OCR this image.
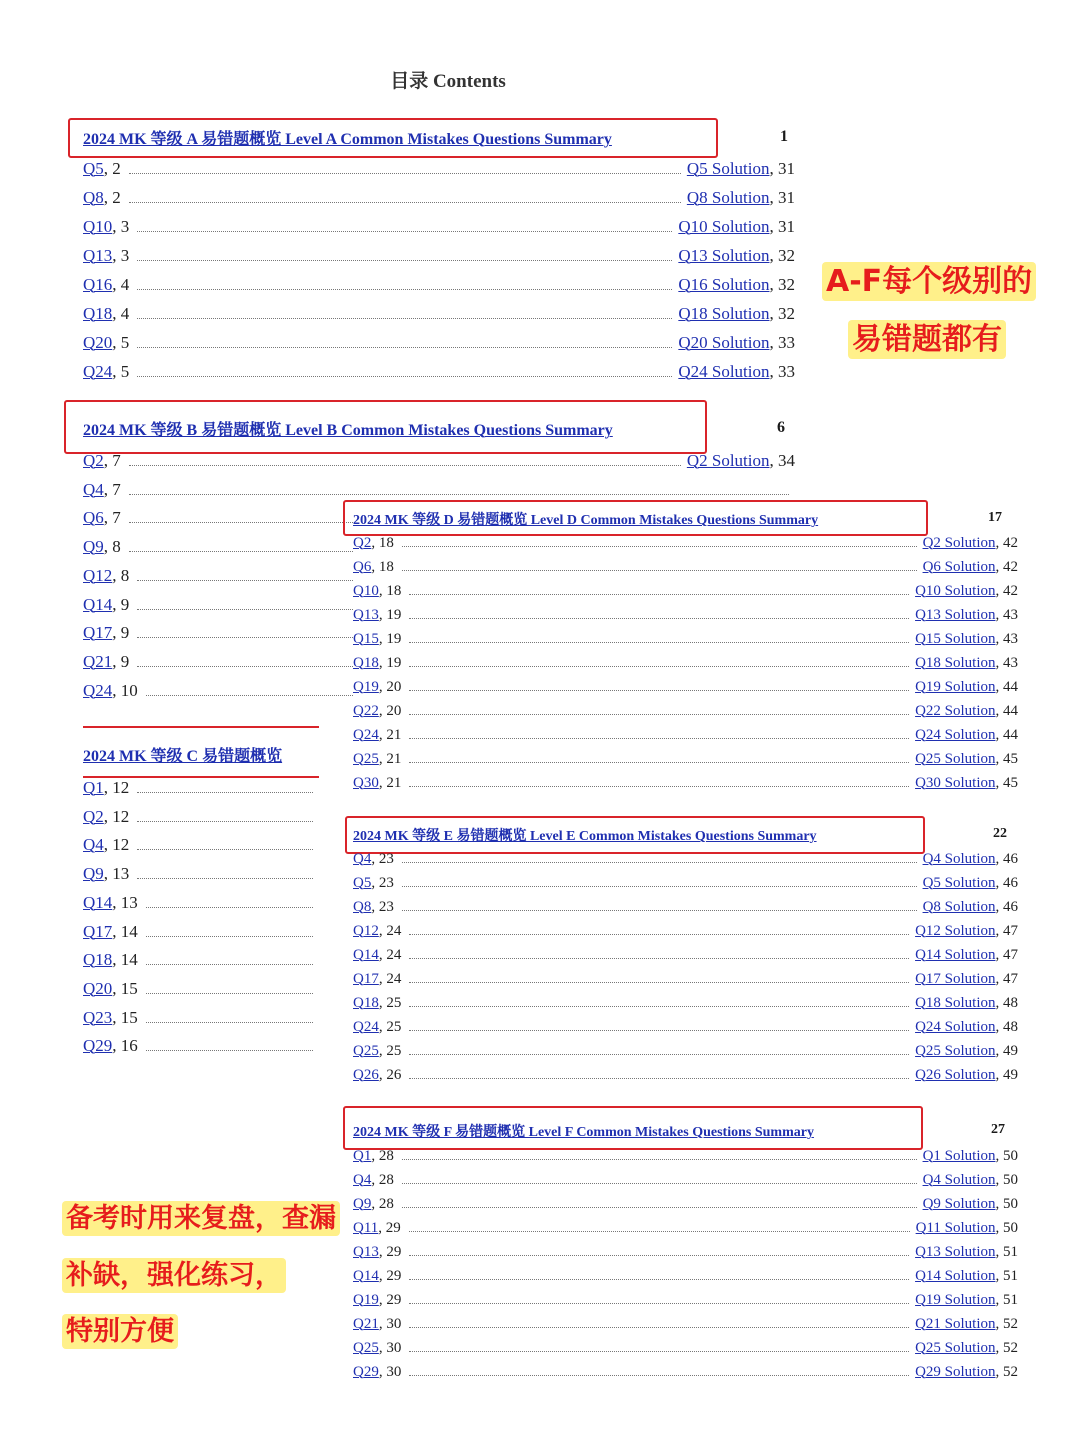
目录 Contents
2024 MK 等级 A 易错题概览 Level A Common Mistakes Questions Summary	1
Q5 , 2	Q5 Solution , 31
Q8 , 2	Q8 Solution , 31
Q10 , 3	Q10 Solution , 31
Q13 , 3	Q13 Solution , 32
Q16 , 4	Q16 Solution , 32
Q18 , 4	Q18 Solution , 32
Q20 , 5	Q20 Solution , 33
Q24 , 5	Q24 Solution , 33
2024 MK 等级 B 易错题概览 Level B Common Mistakes Questions Summary	6
Q2 , 7	Q2 Solution , 34
Q4 , 7
Q6 , 7
Q9 , 8
Q12 , 8
Q14 , 9
Q17 , 9
Q21 , 9
Q24 , 10
2024 MK 等级 C 易错题概览
Q1 , 12
Q2 , 12
Q4 , 12
Q9 , 13
Q14 , 13
Q17 , 14
Q18 , 14
Q20 , 15
Q23 , 15
Q29 , 16
2024 MK 等级 D 易错题概览 Level D Common Mistakes Questions Summary	17
Q2 , 18	Q2 Solution , 42
Q6 , 18	Q6 Solution , 42
Q10 , 18	Q10 Solution , 42
Q13 , 19	Q13 Solution , 43
Q15 , 19	Q15 Solution , 43
Q18 , 19	Q18 Solution , 43
Q19 , 20	Q19 Solution , 44
Q22 , 20	Q22 Solution , 44
Q24 , 21	Q24 Solution , 44
Q25 , 21	Q25 Solution , 45
Q30 , 21	Q30 Solution , 45
2024 MK 等级 E 易错题概览 Level E Common Mistakes Questions Summary	22
Q4 , 23	Q4 Solution , 46
Q5 , 23	Q5 Solution , 46
Q8 , 23	Q8 Solution , 46
Q12 , 24	Q12 Solution , 47
Q14 , 24	Q14 Solution , 47
Q17 , 24	Q17 Solution , 47
Q18 , 25	Q18 Solution , 48
Q24 , 25	Q24 Solution , 48
Q25 , 25	Q25 Solution , 49
Q26 , 26	Q26 Solution , 49
2024 MK 等级 F 易错题概览 Level F Common Mistakes Questions Summary	27
Q1 , 28	Q1 Solution , 50
Q4 , 28	Q4 Solution , 50
Q9 , 28	Q9 Solution , 50
Q11 , 29	Q11 Solution , 50
Q13 , 29	Q13 Solution , 51
Q14 , 29	Q14 Solution , 51
Q19 , 29	Q19 Solution , 51
Q21 , 30	Q21 Solution , 52
Q25 , 30	Q25 Solution , 52
Q29 , 30	Q29 Solution , 52
A-F每个级别的
易错题都有
备考时用来复盘，查漏
补缺，强化练习，
特别方便
